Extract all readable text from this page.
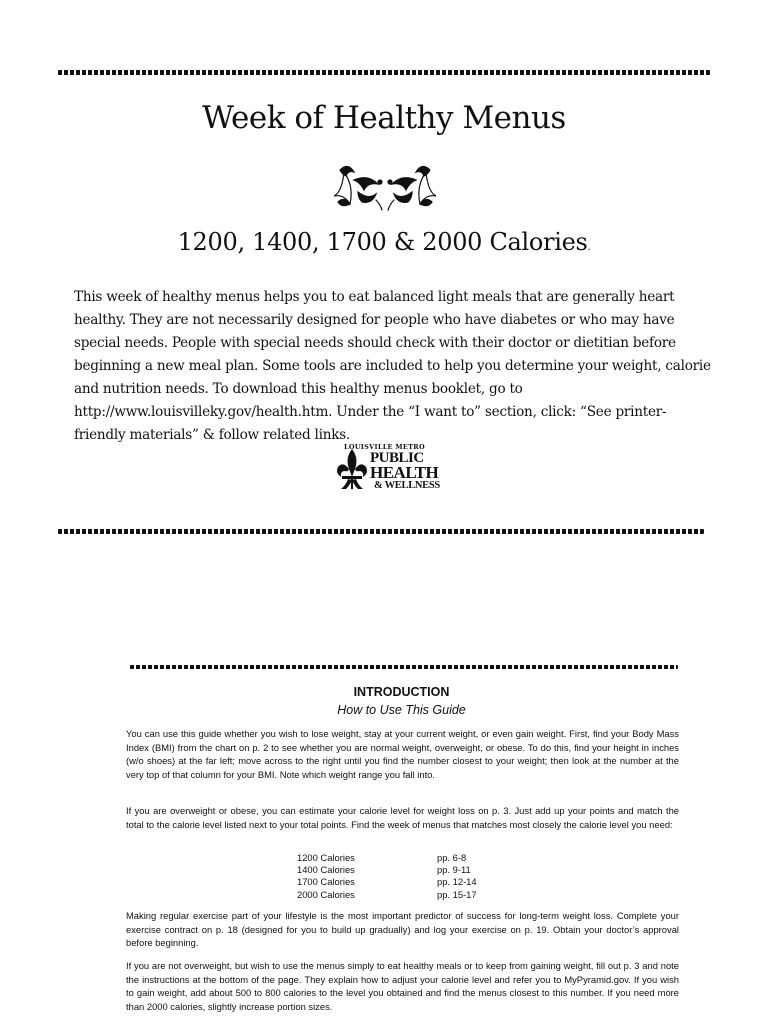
Week of Healthy Menus
1200, 1400, 1700 & 2000 Calories.

This week of healthy menus helps you to eat balanced light meals that are generally heart healthy. They are not necessarily designed for people who have diabetes or who may have special needs. People with special needs should check with their doctor or dietitian before beginning a new meal plan. Some tools are included to help you determine your weight, calorie and nutrition needs. To download this healthy menus booklet, go to http://www.louisvilleky.gov/health.htm. Under the “I want to” section, click: “See printer-friendly materials” & follow related links.

LOUISVILLE METRO
PUBLIC
HEALTH
& WELLNESS
INTRODUCTION
How to Use This Guide

You can use this guide whether you wish to lose weight, stay at your current weight, or even gain weight. First, find your Body Mass Index (BMI) from the chart on p. 2 to see whether you are normal weight, overweight, or obese. To do this, find your height in inches (w/o shoes) at the far left; move across to the right until you find the number closest to your weight; then look at the number at the very top of that column for your BMI. Note which weight range you fall into.

If you are overweight or obese, you can estimate your calorie level for weight loss on p. 3. Just add up your points and match the total to the calorie level listed next to your total points. Find the week of menus that matches most closely the calorie level you need:

1200 Calories	pp. 6-8
1400 Calories	pp. 9-11
1700 Calories	pp. 12-14
2000 Calories	pp. 15-17

Making regular exercise part of your lifestyle is the most important predictor of success for long-term weight loss. Complete your exercise contract on p. 18 (designed for you to build up gradually) and log your exercise on p. 19. Obtain your doctor’s approval before beginning.

If you are not overweight, but wish to use the menus simply to eat healthy meals or to keep from gaining weight, fill out p. 3 and note the instructions at the bottom of the page. They explain how to adjust your calorie level and refer you to MyPyramid.gov. If you wish to gain weight, add about 500 to 800 calories to the level you obtained and find the menus closest to this number. If you need more than 2000 calories, slightly increase portion sizes.
